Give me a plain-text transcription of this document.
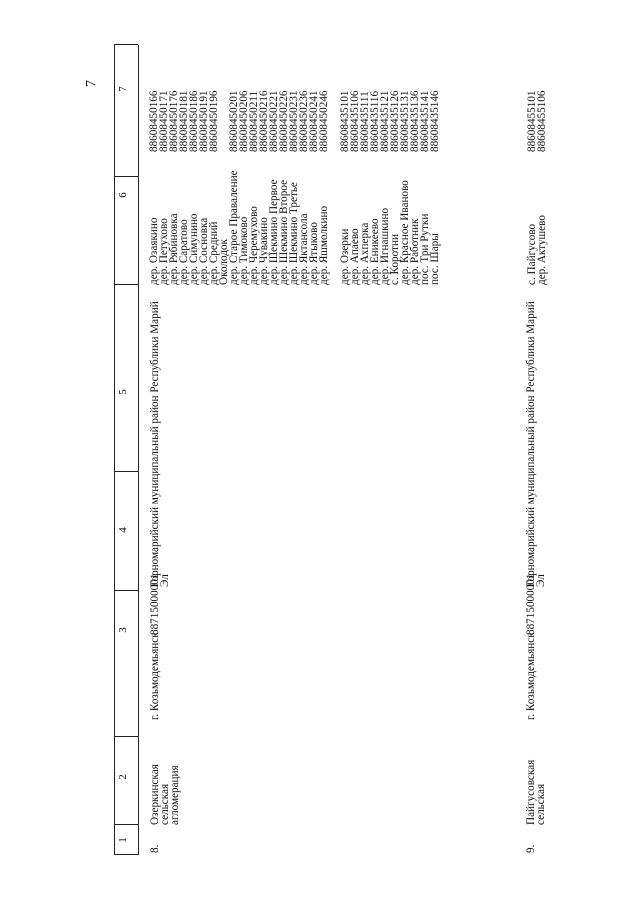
7
1
2
3
4
5
6
7
8.
Озеркинская сельская агломерация
г. Козьмодемьянск
88715000001
Горномарийский муниципальный район Республики Марий Эл
дер. Озаякино
дер. Петухово
дер. Рябиновка
дер. Саратово
дер. Симунино
дер. Сосновка
дер. Средний
Околодок
дер. Старое Праваление
дер. Тимоково
дер. Черемухово
дер. Чувакино
дер. Шекмино Первое
дер. Шекмино Второе
дер. Шекмино Третье
дер. Яктансола
дер. Ятыково
дер. Яшмолкино дер. Озерки
дер. Апаево
дер. Ахперка
дер. Еникеево
дер. Игнашкино
с. Коротни
дер. Красное Иваново
дер. Работник
пос. Три Рутки
пос. Шары
88608450166
88608450171
88608450176
88608450181
88608450186
88608450191
88608450196 88608450201
88608450206
88608450211
88608450216
88608450221
88608450226
88608450231
88608450236
88608450241
88608450246 88608435101
88608435106
88608435111
88608435116
88608435121
88608435126
88608435131
88608435136
88608435141
88608435146
9.
Пайгусовская сельская
г. Козьмодемьянск
88715000001
Горномарийский муниципальный район Республики Марий Эл
с. Пайгусово
дер. Актушево
88608455101
88608455106
